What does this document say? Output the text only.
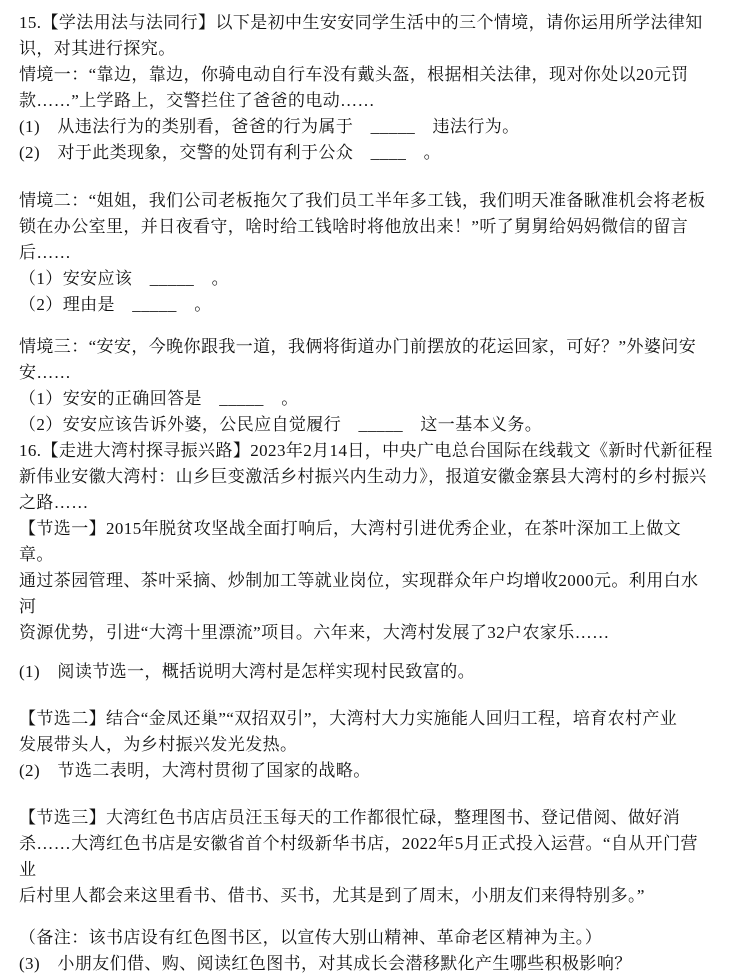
15.【学法用法与法同行】以下是初中生安安同学生活中的三个情境，请你运用所学法律知

识，对其进行探究。

情境一：“靠边，靠边，你骑电动自行车没有戴头盔，根据相关法律，现对你处以20元罚

款……”上学路上，交警拦住了爸爸的电动……

(1)　从违法行为的类别看，爸爸的行为属于　_____　违法行为。

(2)　对于此类现象，交警的处罚有利于公众　____　。

情境二：“姐姐，我们公司老板拖欠了我们员工半年多工钱，我们明天准备瞅准机会将老板

锁在办公室里，并日夜看守，啥时给工钱啥时将他放出来！”听了舅舅给妈妈微信的留言

后……

（1）安安应该　_____　。

（2）理由是　_____　。

情境三：“安安，今晚你跟我一道，我俩将街道办门前摆放的花运回家，可好？”外婆问安

安……

（1）安安的正确回答是　_____　。

（2）安安应该告诉外婆，公民应自觉履行　_____　这一基本义务。

16.【走进大湾村探寻振兴路】2023年2月14日，中央广电总台国际在线载文《新时代新征程

新伟业安徽大湾村：山乡巨变激活乡村振兴内生动力》，报道安徽金寨县大湾村的乡村振兴

之路……

【节选一】2015年脱贫攻坚战全面打响后，大湾村引进优秀企业，在茶叶深加工上做文章。

通过茶园管理、茶叶采摘、炒制加工等就业岗位，实现群众年户均增收2000元。利用白水河

资源优势，引进“大湾十里漂流”项目。六年来，大湾村发展了32户农家乐……

(1)　阅读节选一，概括说明大湾村是怎样实现村民致富的。

【节选二】结合“金凤还巢”“双招双引”，大湾村大力实施能人回归工程，培育农村产业

发展带头人，为乡村振兴发光发热。

(2)　节选二表明，大湾村贯彻了国家的战略。

【节选三】大湾红色书店店员汪玉每天的工作都很忙碌，整理图书、登记借阅、做好消

杀……大湾红色书店是安徽省首个村级新华书店，2022年5月正式投入运营。“自从开门营业

后村里人都会来这里看书、借书、买书，尤其是到了周末，小朋友们来得特别多。”

（备注：该书店设有红色图书区，以宣传大别山精神、革命老区精神为主。）

(3)　小朋友们借、购、阅读红色图书，对其成长会潜移默化产生哪些积极影响？
